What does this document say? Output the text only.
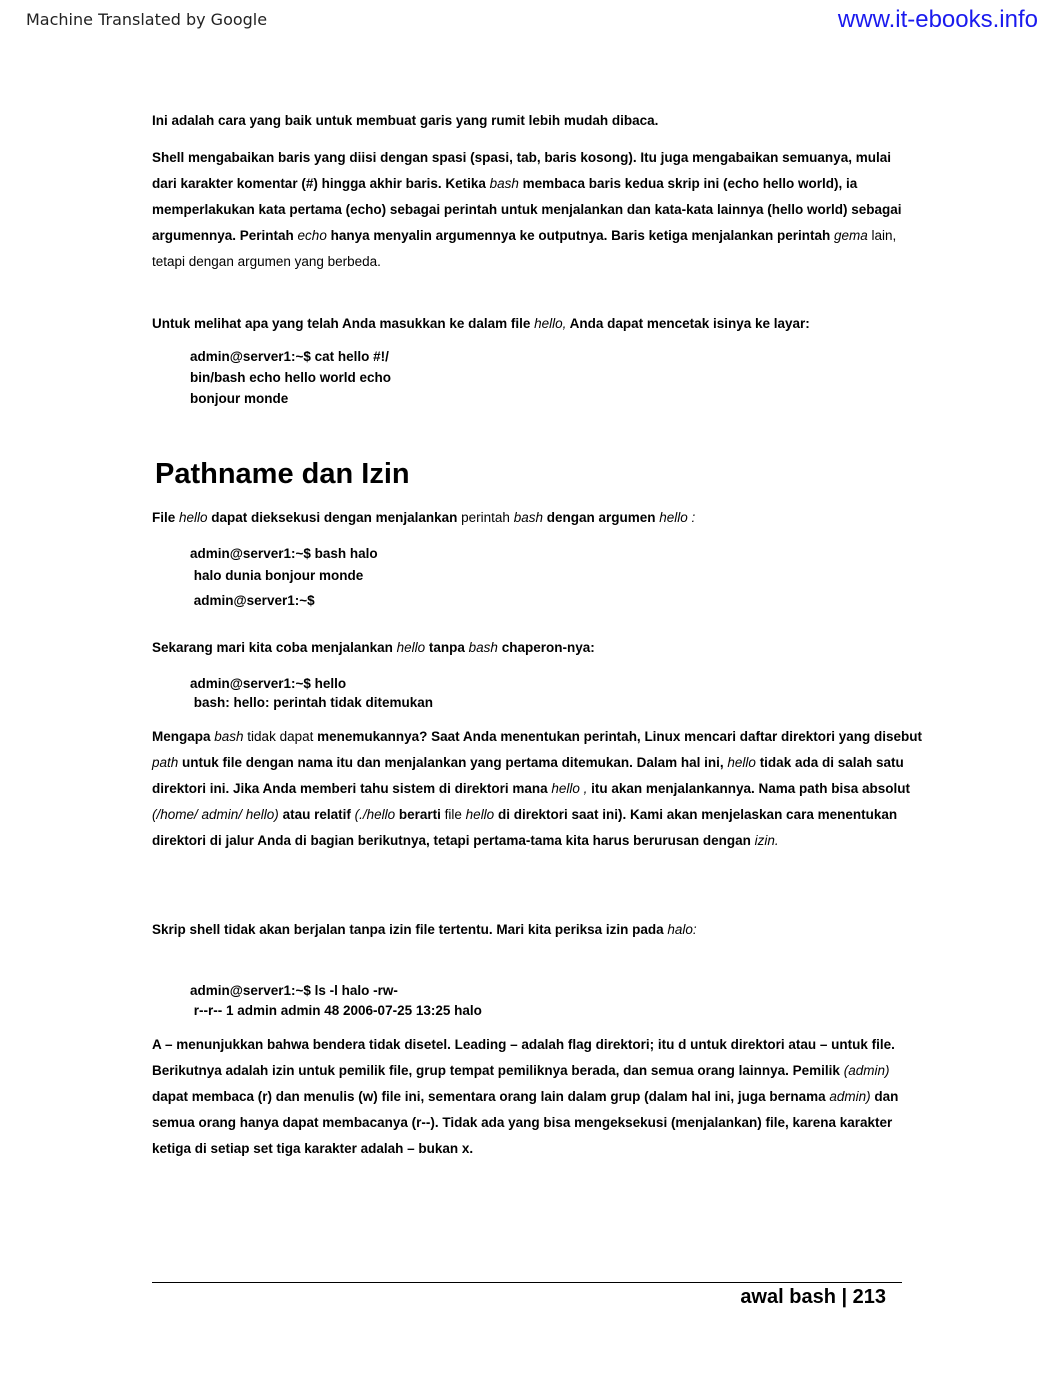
Machine Translated by Google	www.it-ebooks.info

Ini adalah cara yang baik untuk membuat garis yang rumit lebih mudah dibaca.

Shell mengabaikan baris yang diisi dengan spasi (spasi, tab, baris kosong). Itu juga mengabaikan semuanya, mulai dari karakter komentar (#) hingga akhir baris. Ketika bash membaca baris kedua skrip ini (echo hello world), ia memperlakukan kata pertama (echo) sebagai perintah untuk menjalankan dan kata-kata lainnya (hello world) sebagai argumennya. Perintah echo hanya menyalin argumennya ke outputnya. Baris ketiga menjalankan perintah gema lain, tetapi dengan argumen yang berbeda.

Untuk melihat apa yang telah Anda masukkan ke dalam file hello, Anda dapat mencetak isinya ke layar:

admin@server1:~$ cat hello #!/
bin/bash echo hello world echo
bonjour monde
Pathname dan Izin

File hello dapat dieksekusi dengan menjalankan perintah bash dengan argumen hello :

admin@server1:~$ bash halo
halo dunia bonjour monde
admin@server1:~$

Sekarang mari kita coba menjalankan hello tanpa bash chaperon-nya:

admin@server1:~$ hello
bash: hello: perintah tidak ditemukan

Mengapa bash tidak dapat menemukannya? Saat Anda menentukan perintah, Linux mencari daftar direktori yang disebut path untuk file dengan nama itu dan menjalankan yang pertama ditemukan. Dalam hal ini, hello tidak ada di salah satu direktori ini. Jika Anda memberi tahu sistem di direktori mana hello , itu akan menjalankannya. Nama path bisa absolut (/home/ admin/ hello) atau relatif (./hello berarti file hello di direktori saat ini). Kami akan menjelaskan cara menentukan direktori di jalur Anda di bagian berikutnya, tetapi pertama-tama kita harus berurusan dengan izin.

Skrip shell tidak akan berjalan tanpa izin file tertentu. Mari kita periksa izin pada halo:

admin@server1:~$ ls -l halo -rw-
r--r-- 1 admin admin 48 2006-07-25 13:25 halo

A – menunjukkan bahwa bendera tidak disetel. Leading – adalah flag direktori; itu d untuk direktori atau – untuk file. Berikutnya adalah izin untuk pemilik file, grup tempat pemiliknya berada, dan semua orang lainnya. Pemilik (admin) dapat membaca (r) dan menulis (w) file ini, sementara orang lain dalam grup (dalam hal ini, juga bernama admin) dan semua orang hanya dapat membacanya (r--). Tidak ada yang bisa mengeksekusi (menjalankan) file, karena karakter ketiga di setiap set tiga karakter adalah – bukan x.

awal bash | 213
